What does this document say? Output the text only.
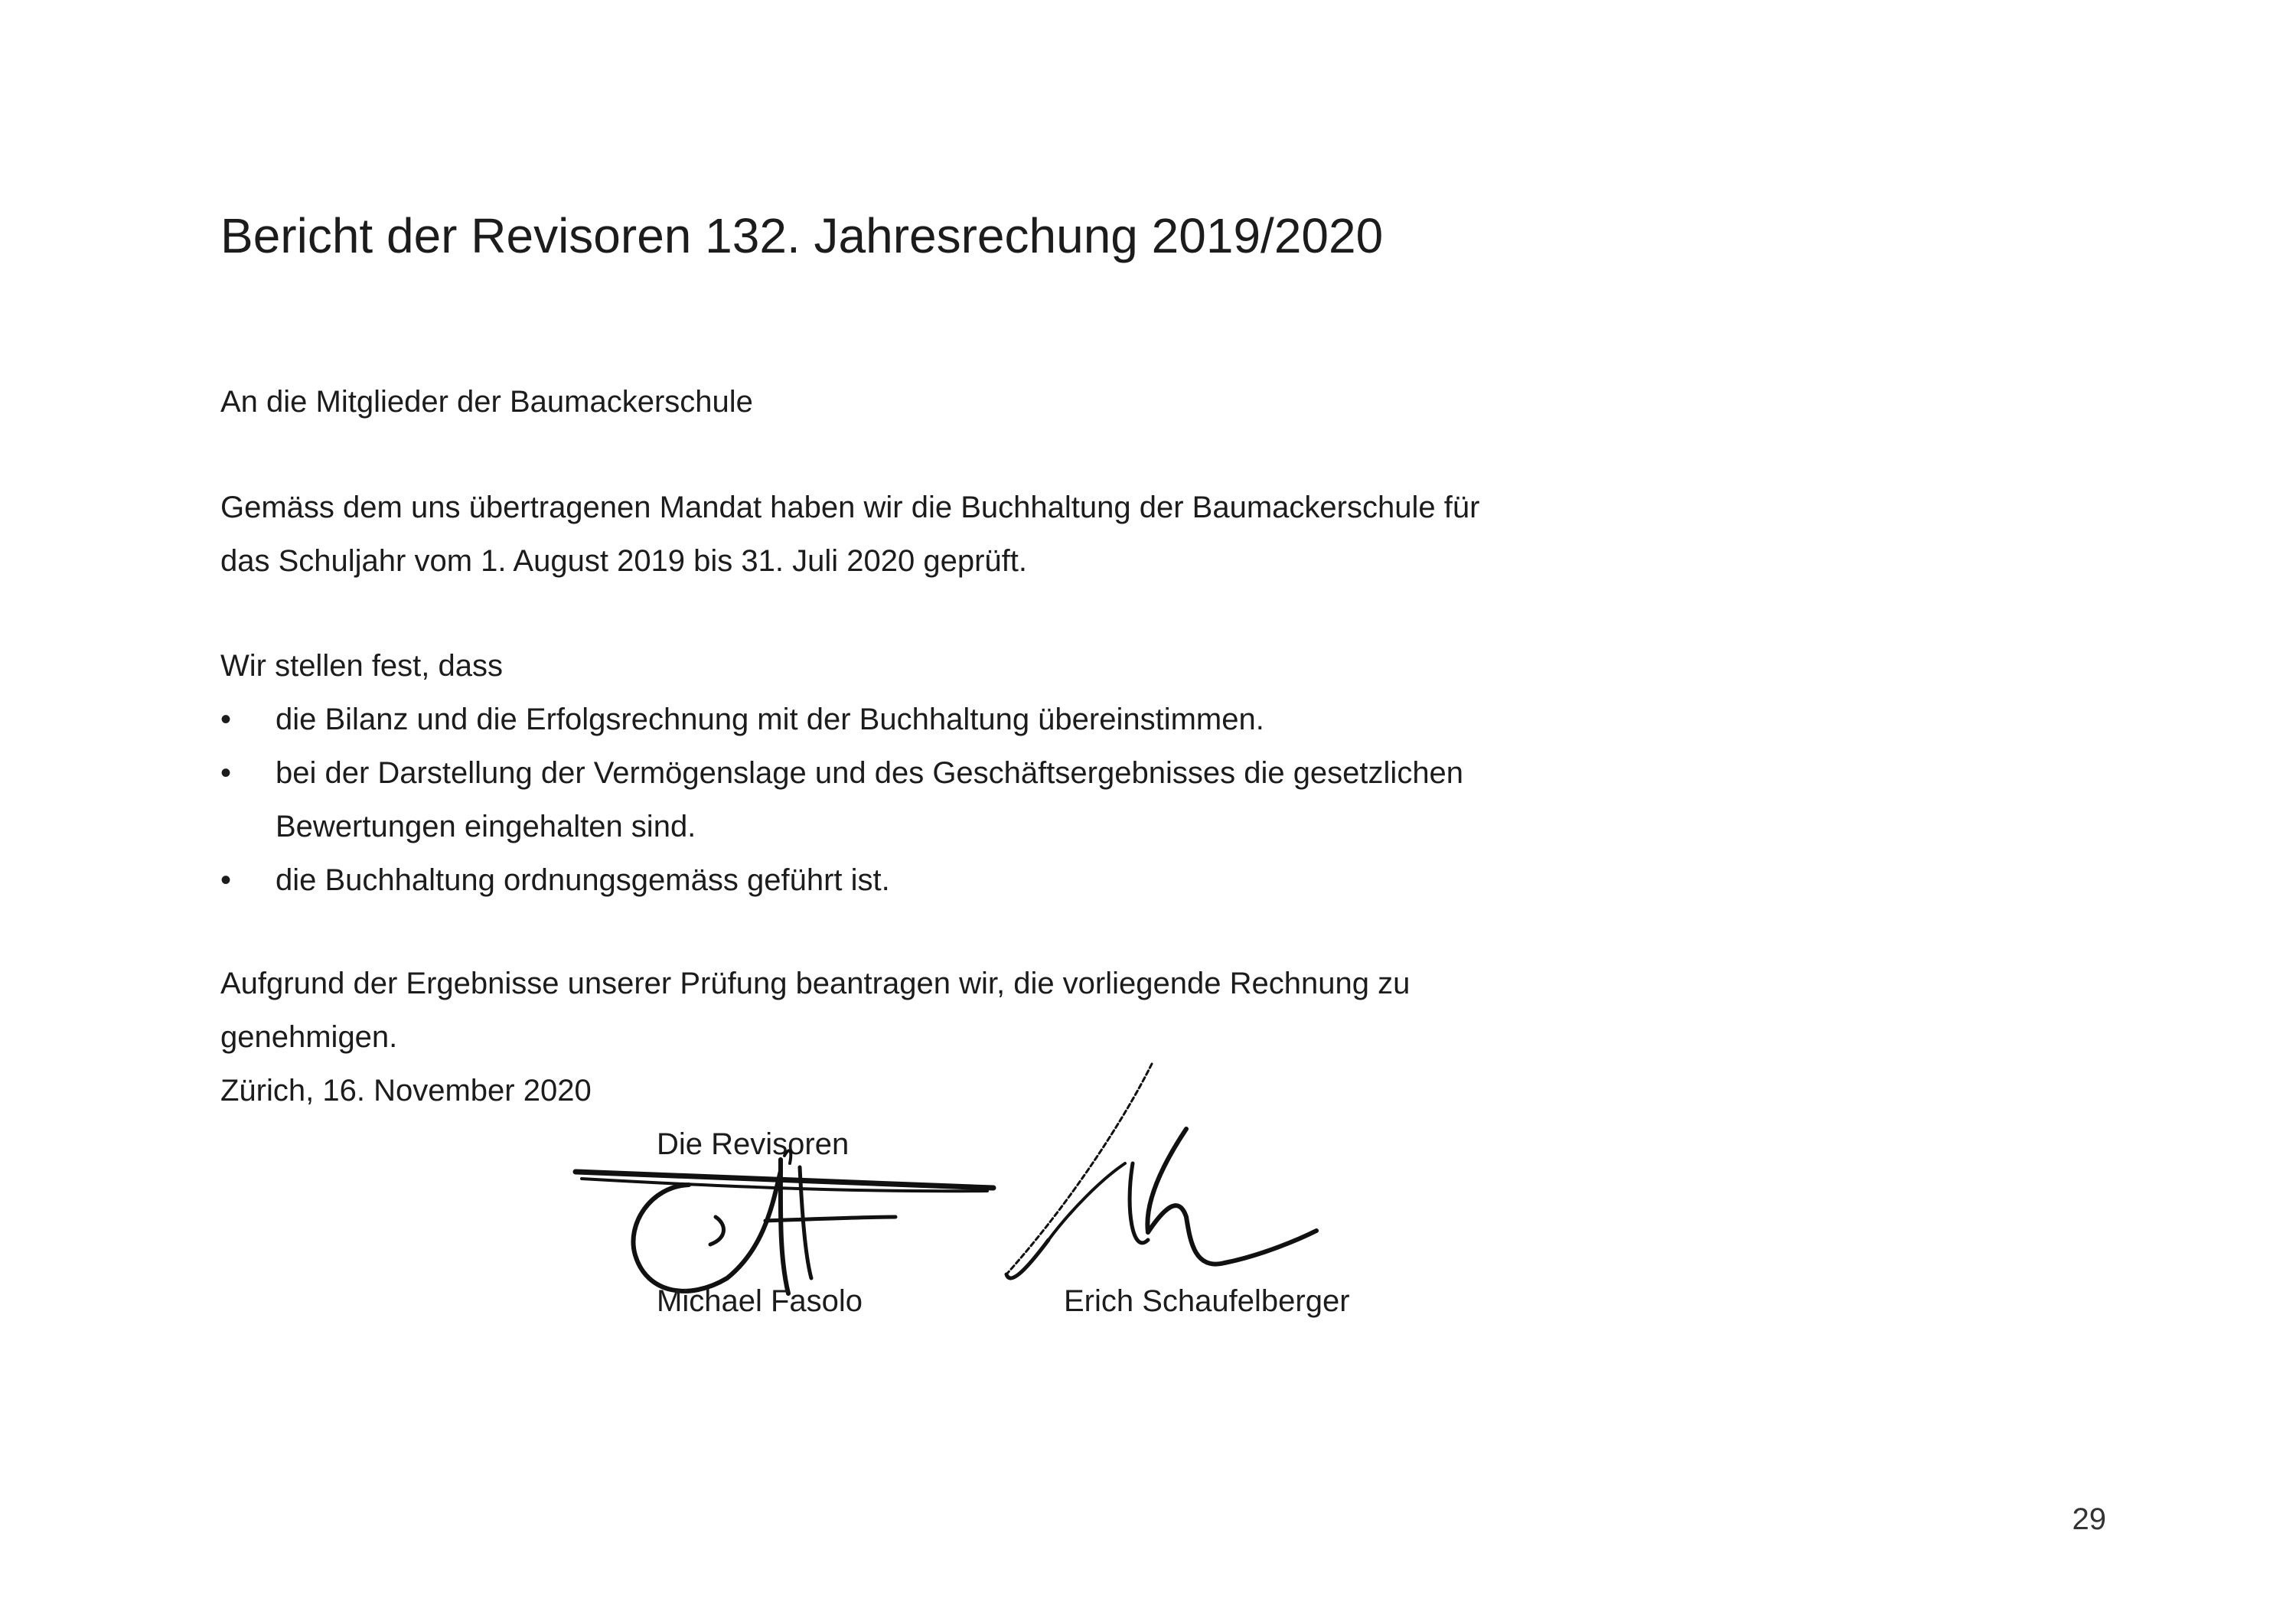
Bericht der Revisoren 132. Jahresrechung 2019/2020

An die Mitglieder der Baumackerschule

Gemäss dem uns übertragenen Mandat haben wir die Buchhaltung der Baumackerschule für das Schuljahr vom 1. August 2019 bis 31. Juli 2020 geprüft.

Wir stellen fest, dass

•	die Bilanz und die Erfolgsrechnung mit der Buchhaltung übereinstimmen.
•	bei der Darstellung der Vermögenslage und des Geschäftsergebnisses die gesetzlichen Bewertungen eingehalten sind.
•	die Buchhaltung ordnungsgemäss geführt ist.

Aufgrund der Ergebnisse unserer Prüfung beantragen wir, die vorliegende Rechnung zu genehmigen.

Zürich, 16. November 2020

Die Revisoren

Michael Fasolo	Erich Schaufelberger

29
